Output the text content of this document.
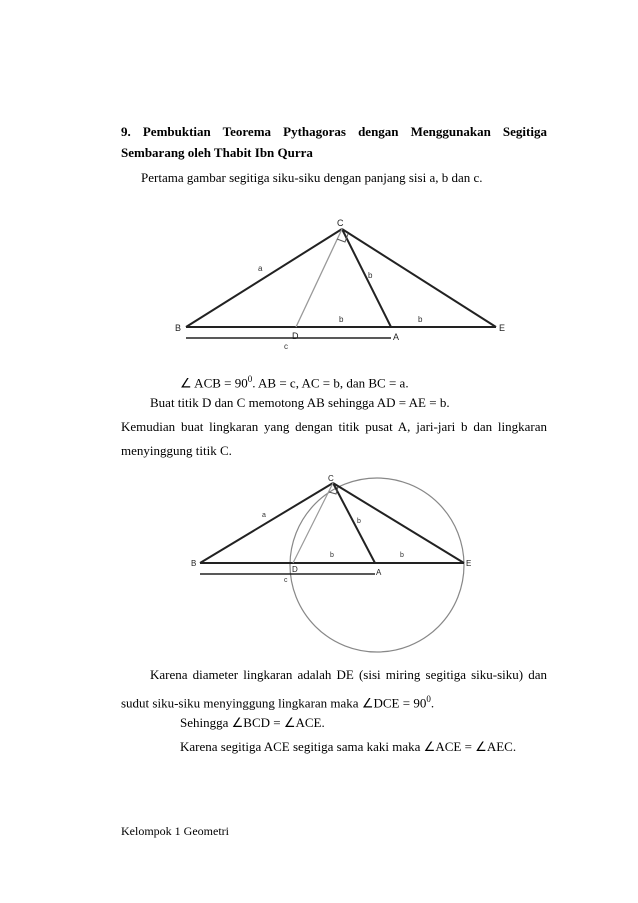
9. Pembuktian Teorema Pythagoras dengan Menggunakan Segitiga
Sembarang oleh Thabit Ibn Qurra
Pertama gambar segitiga siku-siku dengan panjang sisi a, b dan c.
C
B
D	A
E
a
b
b	b
c
∠ ACB = $90^0$. AB = c, AC = b, dan BC = a.
Buat titik D dan C memotong AB sehingga AD = AE = b.
Kemudian buat lingkaran yang dengan titik pusat A, jari-jari b dan lingkaran
menyinggung titik C.
C
B
D	A
E
a
b
b	b
c
Karena diameter lingkaran adalah DE (sisi miring segitiga siku-siku) dan
sudut siku-siku menyinggung lingkaran maka ∠DCE = $90^0$.
Sehingga ∠BCD = ∠ACE.
Karena segitiga ACE segitiga sama kaki maka ∠ACE = ∠AEC.
Kelompok 1 Geometri
